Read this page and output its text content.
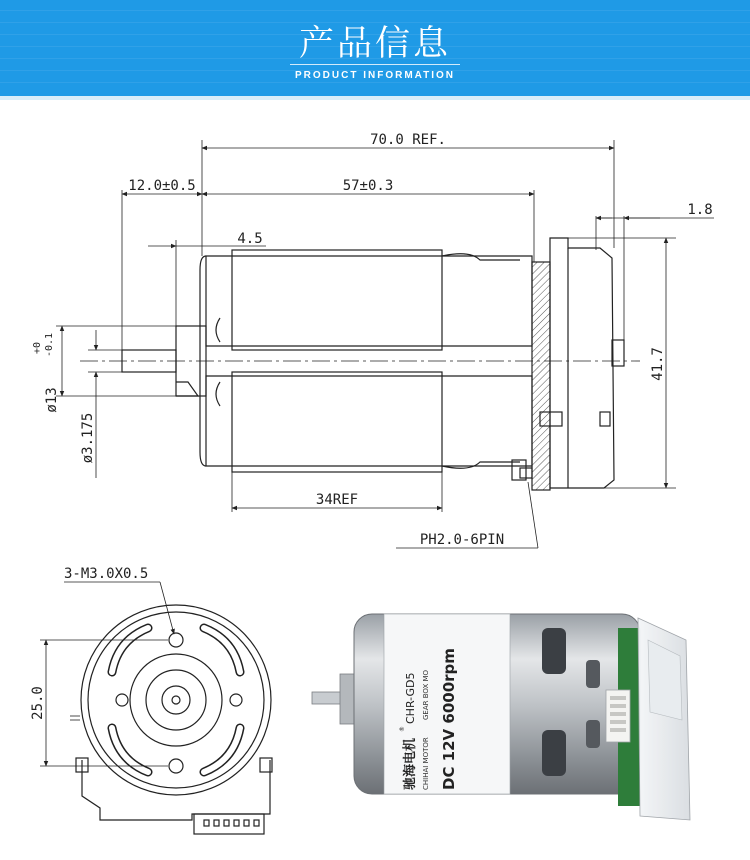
产品信息
PRODUCT INFORMATION
70.0 REF.
12.0±0.5	57±0.3
4.5
1.8
41.7
ø13
+0 -0.1
ø3.175
34REF
PH2.0-6PIN
3-M3.0X0.5
25.0
驰海电机
®
CHR-GD5
CHIHAI MOTOR
GEAR BOX MO DC 12V 6000rpm
